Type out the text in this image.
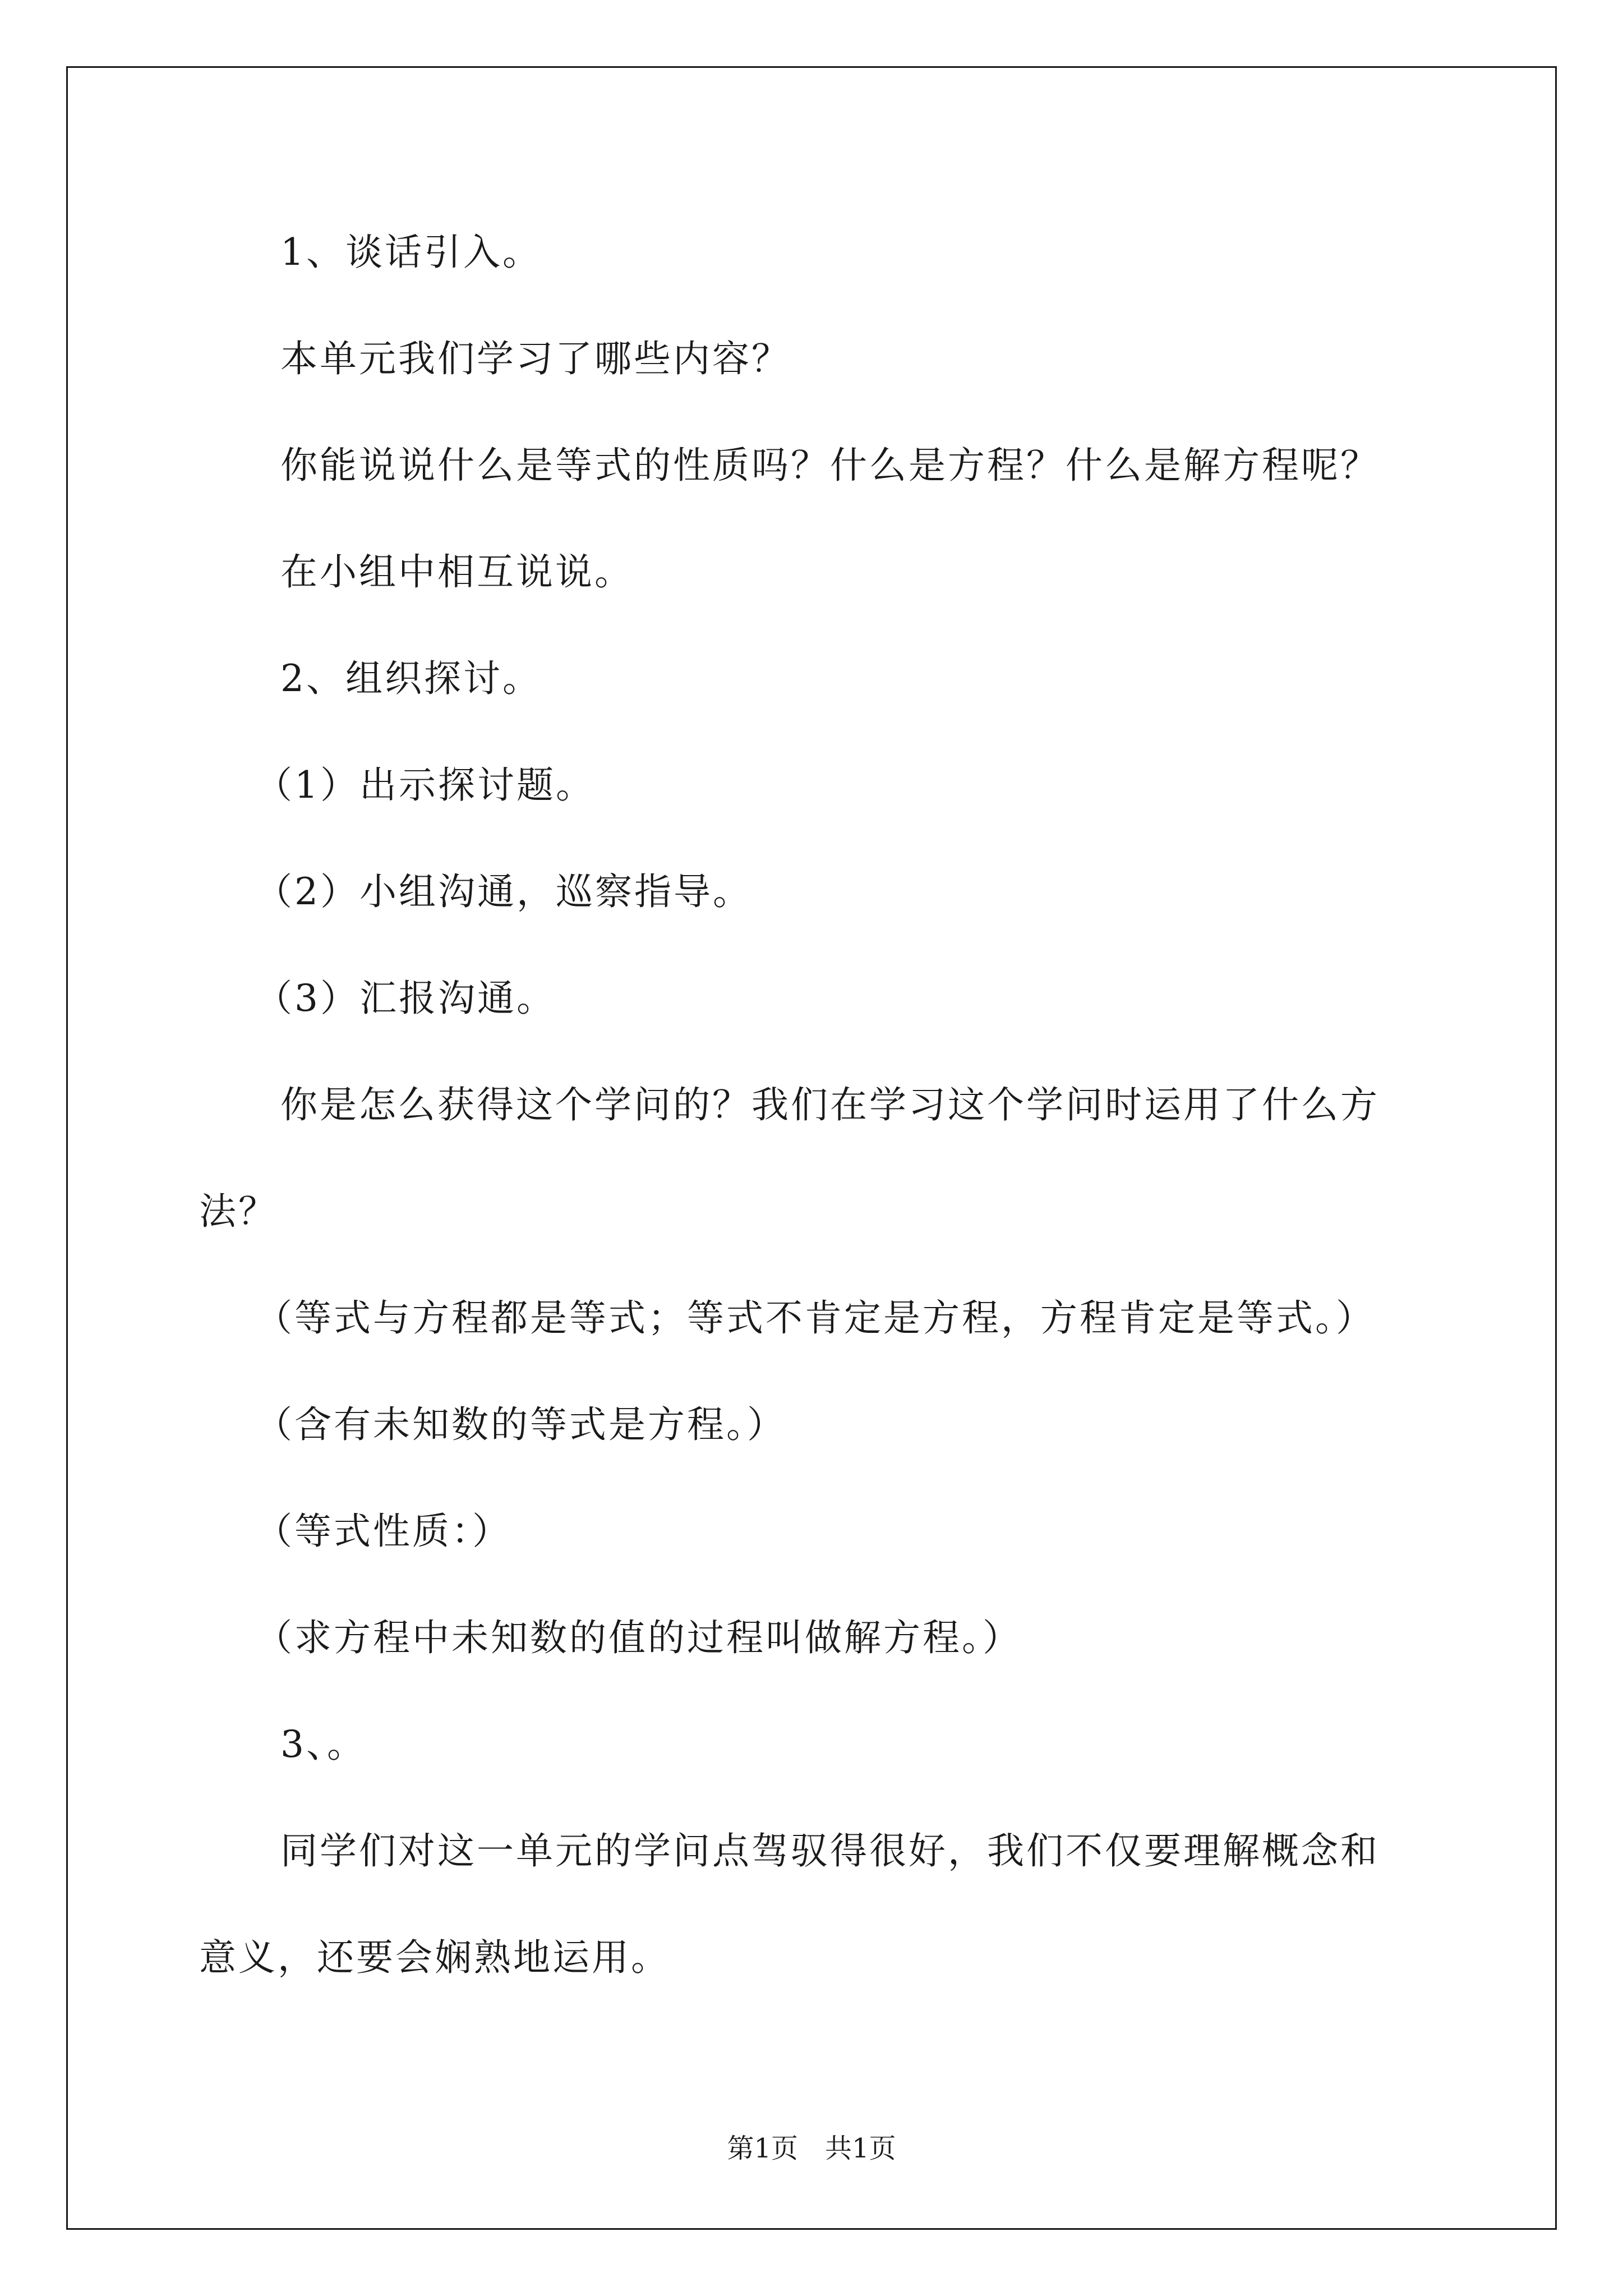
1、谈话引入。
本单元我们学习了哪些内容？
你能说说什么是等式的性质吗？什么是方程？什么是解方程呢？
在小组中相互说说。
2、组织探讨。
（1）出示探讨题。
（2）小组沟通，巡察指导。
（3）汇报沟通。
你是怎么获得这个学问的？我们在学习这个学问时运用了什么方
法？
（等式与方程都是等式；等式不肯定是方程，方程肯定是等式。）
（含有未知数的等式是方程。）
（等式性质：）
（求方程中未知数的值的过程叫做解方程。）
3、。
同学们对这一单元的学问点驾驭得很好，我们不仅要理解概念和
意义，还要会娴熟地运用。
第1页 共1页
